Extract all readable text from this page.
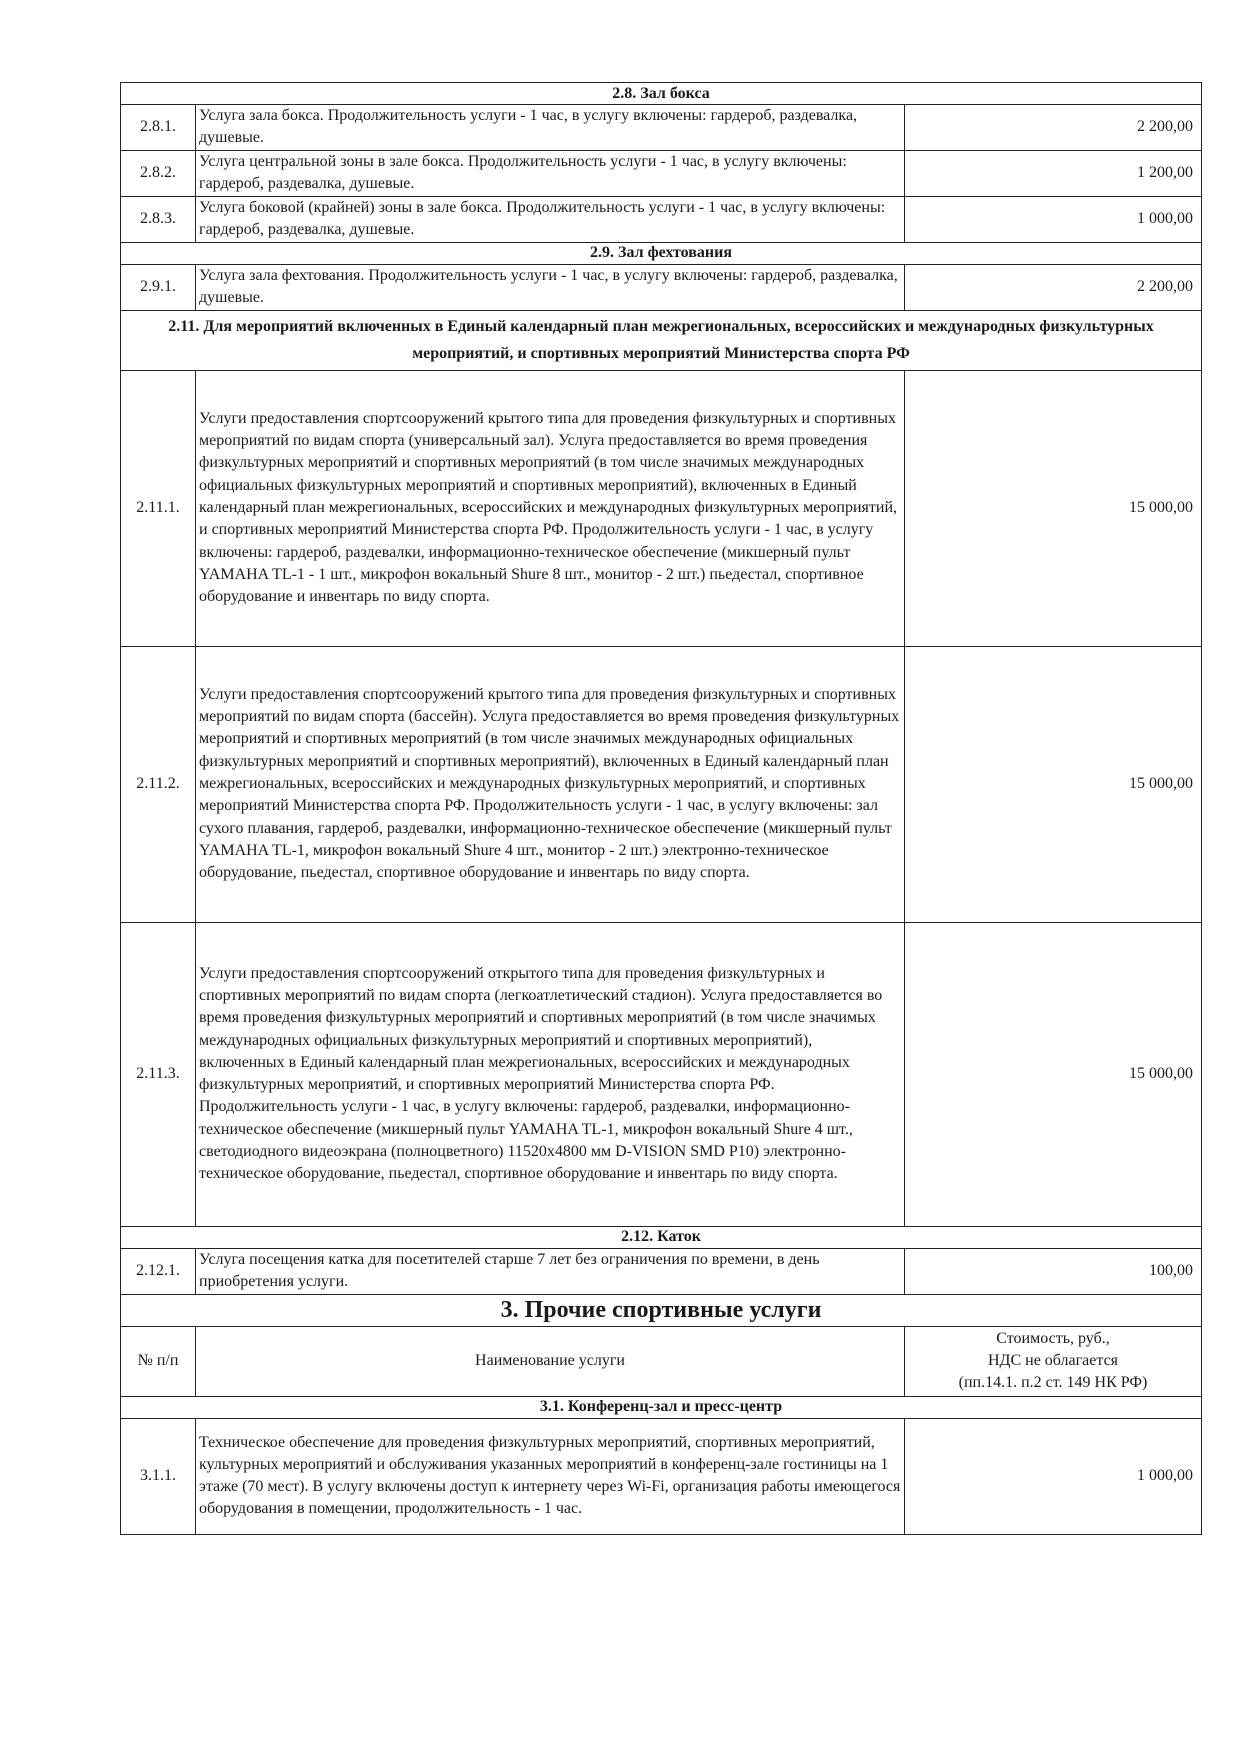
2.8. Зал бокса		
2.8.1.	Услуга зала бокса. Продолжительность услуги - 1 час, в услугу включены: гардероб, раздевалка, душевые.	2 200,00
2.8.2.	Услуга центральной зоны в зале бокса. Продолжительность услуги - 1 час, в услугу включены: гардероб, раздевалка, душевые.	1 200,00
2.8.3.	Услуга боковой (крайней) зоны в зале бокса. Продолжительность услуги - 1 час, в услугу включены: гардероб, раздевалка, душевые.	1 000,00
2.9. Зал фехтования		
2.9.1.	Услуга зала фехтования. Продолжительность услуги - 1 час, в услугу включены: гардероб, раздевалка, душевые.	2 200,00
2.11. Для мероприятий включенных в Единый календарный план межрегиональных, всероссийских и международных физкультурных мероприятий, и спортивных мероприятий Министерства спорта РФ		
2.11.1.	Услуги предоставления спортсооружений крытого типа для проведения физкультурных и спортивных мероприятий по видам спорта (универсальный зал). Услуга предоставляется во время проведения физкультурных мероприятий и спортивных мероприятий (в том числе значимых международных официальных физкультурных мероприятий и спортивных мероприятий), включенных в Единый календарный план межрегиональных, всероссийских и международных физкультурных мероприятий, и спортивных мероприятий Министерства спорта РФ. Продолжительность услуги - 1 час, в услугу включены: гардероб, раздевалки, информационно-техническое обеспечение (микшерный пульт YAMAHA TL-1 - 1 шт., микрофон вокальный Shure 8 шт., монитор - 2 шт.) пьедестал, спортивное оборудование и инвентарь по виду спорта.	15 000,00
2.11.2.	Услуги предоставления спортсооружений крытого типа для проведения физкультурных и спортивных мероприятий по видам спорта (бассейн). Услуга предоставляется во время проведения физкультурных мероприятий и спортивных мероприятий (в том числе значимых международных официальных физкультурных мероприятий и спортивных мероприятий), включенных в Единый календарный план межрегиональных, всероссийских и международных физкультурных мероприятий, и спортивных мероприятий Министерства спорта РФ. Продолжительность услуги - 1 час, в услугу включены: зал сухого плавания, гардероб, раздевалки, информационно-техническое обеспечение (микшерный пульт YAMAHA TL-1, микрофон вокальный Shure 4 шт., монитор - 2 шт.) электронно-техническое оборудование, пьедестал, спортивное оборудование и инвентарь по виду спорта.	15 000,00
2.11.3.	Услуги предоставления спортсооружений открытого типа для проведения физкультурных и спортивных мероприятий по видам спорта (легкоатлетический стадион). Услуга предоставляется во время проведения физкультурных мероприятий и спортивных мероприятий (в том числе значимых международных официальных физкультурных мероприятий и спортивных мероприятий), включенных в Единый календарный план межрегиональных, всероссийских и международных физкультурных мероприятий, и спортивных мероприятий Министерства спорта РФ. Продолжительность услуги - 1 час, в услугу включены: гардероб, раздевалки, информационно-техническое обеспечение (микшерный пульт YAMAHA TL-1, микрофон вокальный Shure 4 шт., светодиодного видеоэкрана (полноцветного) 11520х4800 мм D-VISION SMD P10) электронно-техническое оборудование, пьедестал, спортивное оборудование и инвентарь по виду спорта.	15 000,00
2.12. Каток		
2.12.1.	Услуга посещения катка для посетителей старше 7 лет без ограничения по времени, в день приобретения услуги.	100,00
3. Прочие спортивные услуги		
№ п/п	Наименование услуги	Стоимость, руб.,
НДС не облагается
(пп.14.1. п.2 ст. 149 НК РФ)

3.1. Конференц-зал и пресс-центр		
3.1.1.	Техническое обеспечение для проведения физкультурных мероприятий, спортивных мероприятий, культурных мероприятий и обслуживания указанных мероприятий в конференц-зале гостиницы на 1 этаже (70 мест). В услугу включены доступ к интернету через Wi-Fi, организация работы имеющегося оборудования в помещении, продолжительность - 1 час.	1 000,00
